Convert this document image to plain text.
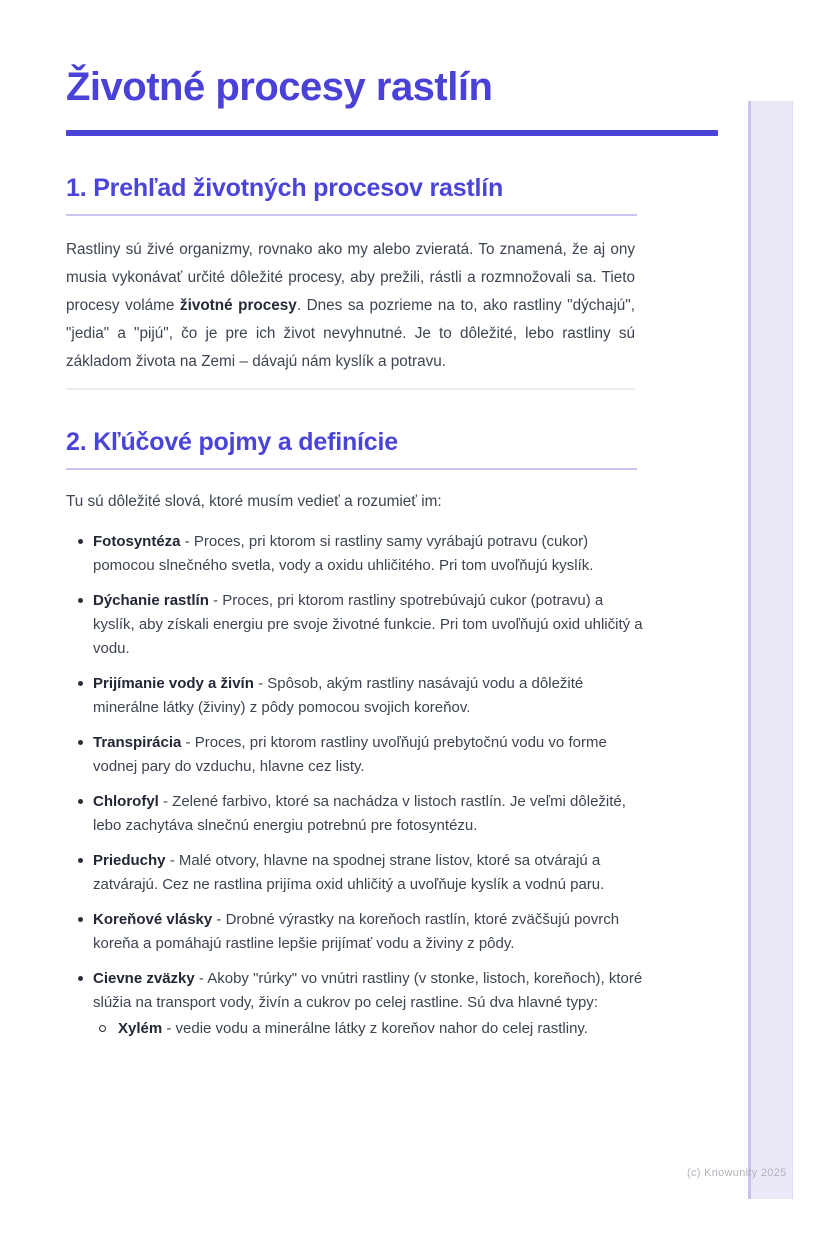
(c) Knowunity 2025
Životné procesy rastlín
1. Prehľad životných procesov rastlín

Rastliny sú živé organizmy, rovnako ako my alebo zvieratá. To znamená, že aj ony musia vykonávať určité dôležité procesy, aby prežili, rástli a rozmnožovali sa. Tieto procesy voláme životné procesy. Dnes sa pozrieme na to, ako rastliny "dýchajú", "jedia" a "pijú", čo je pre ich život nevyhnutné. Je to dôležité, lebo rastliny sú základom života na Zemi – dávajú nám kyslík a potravu.

2. Kľúčové pojmy a definície

Tu sú dôležité slová, ktoré musím vedieť a rozumieť im:

Fotosyntéza - Proces, pri ktorom si rastliny samy vyrábajú potravu (cukor) pomocou slnečného svetla, vody a oxidu uhličitého. Pri tom uvoľňujú kyslík.
Dýchanie rastlín - Proces, pri ktorom rastliny spotrebúvajú cukor (potravu) a kyslík, aby získali energiu pre svoje životné funkcie. Pri tom uvoľňujú oxid uhličitý a vodu.
Prijímanie vody a živín - Spôsob, akým rastliny nasávajú vodu a dôležité minerálne látky (živiny) z pôdy pomocou svojich koreňov.
Transpirácia - Proces, pri ktorom rastliny uvoľňujú prebytočnú vodu vo forme vodnej pary do vzduchu, hlavne cez listy.
Chlorofyl - Zelené farbivo, ktoré sa nachádza v listoch rastlín. Je veľmi dôležité, lebo zachytáva slnečnú energiu potrebnú pre fotosyntézu.
Prieduchy - Malé otvory, hlavne na spodnej strane listov, ktoré sa otvárajú a zatvárajú. Cez ne rastlina prijíma oxid uhličitý a uvoľňuje kyslík a vodnú paru.
Koreňové vlásky - Drobné výrastky na koreňoch rastlín, ktoré zväčšujú povrch koreňa a pomáhajú rastline lepšie prijímať vodu a živiny z pôdy.
Cievne zväzky - Akoby "rúrky" vo vnútri rastliny (v stonke, listoch, koreňoch), ktoré slúžia na transport vody, živín a cukrov po celej rastline. Sú dva hlavné typy:
Xylém - vedie vodu a minerálne látky z koreňov nahor do celej rastliny.
